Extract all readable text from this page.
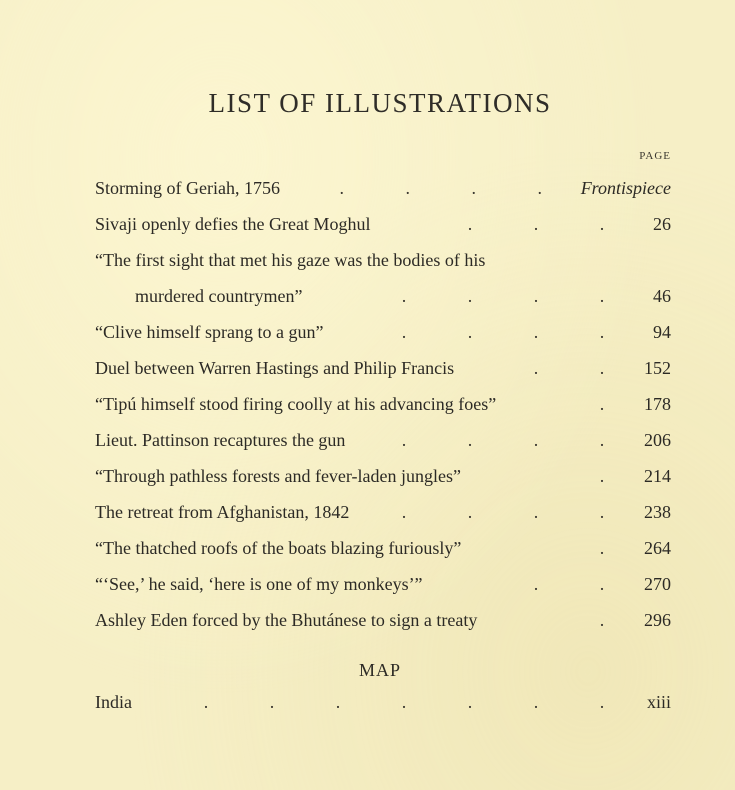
LIST OF ILLUSTRATIONS
PAGE
Storming of Geriah, 1756	.	.	.	.	Frontispiece
Sivaji openly defies the Great Moghul	.	.	.	26
“The first sight that met his gaze was the bodies of his
murdered countrymen”	.	.	.	.	46
“Clive himself sprang to a gun”	.	.	.	.	94
Duel between Warren Hastings and Philip Francis	.	.	152
“Tipú himself stood firing coolly at his advancing foes”	.	178
Lieut. Pattinson recaptures the gun	.	.	.	.	206
“Through pathless forests and fever-laden jungles”	.	214
The retreat from Afghanistan, 1842	.	.	.	.	238
“The thatched roofs of the boats blazing furiously”	.	264
“‘See,’ he said, ‘here is one of my monkeys’”	.	.	270
Ashley Eden forced by the Bhutánese to sign a treaty	.	296
MAP
India	.	.	.	.	.	.	.	xiii
